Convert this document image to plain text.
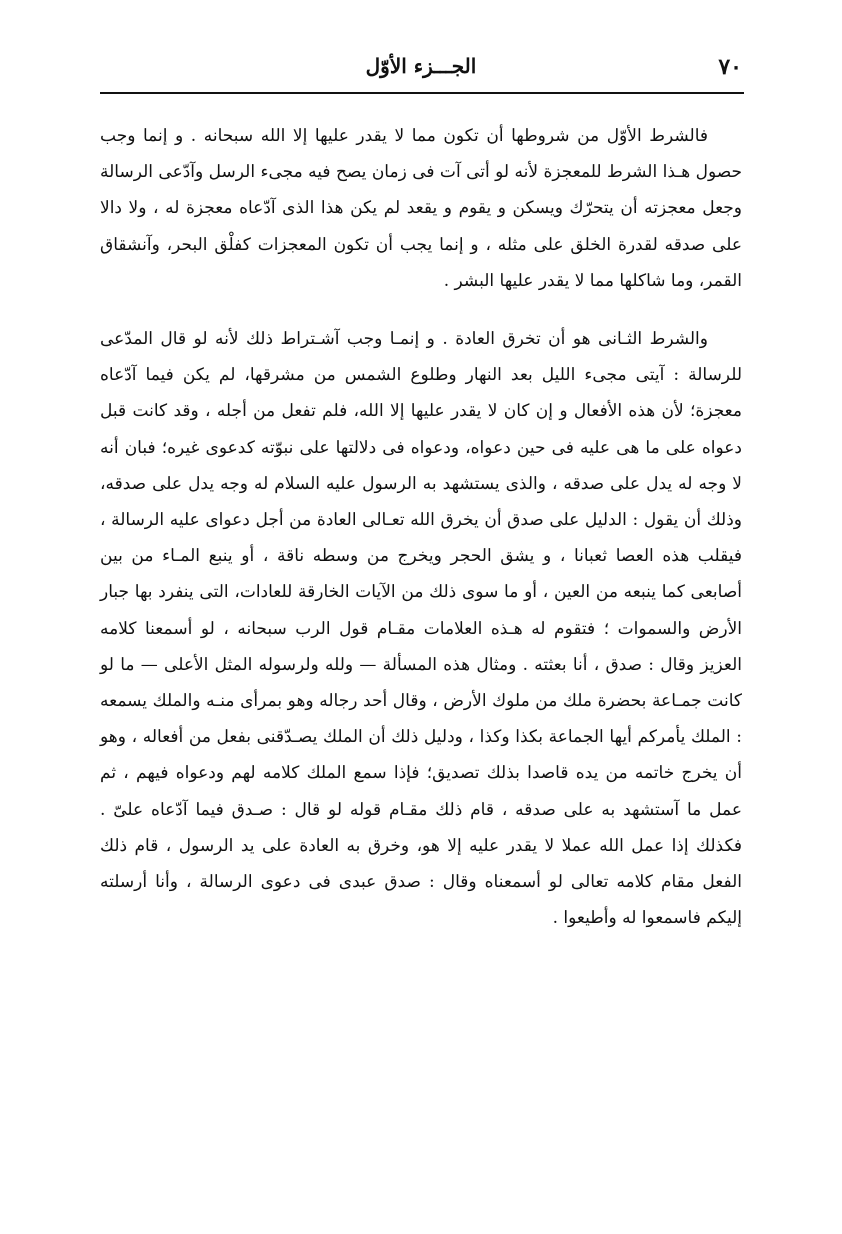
٧٠
الجـــزء الأوّل

فالشرط الأوّل من شروطها أن تكون مما لا يقدر عليها إلا الله سبحانه . و إنما وجب حصول هـذا الشرط للمعجزة لأنه لو أتى آت فى زمان يصح فيه مجىء الرسل وآدّعى الرسالة وجعل معجزته أن يتحرّك ويسكن و يقوم و يقعد لم يكن هذا الذى آدّعاه معجزة له ، ولا دالا على صدقه لقدرة الخلق على مثله ، و إنما يجب أن تكون المعجزات كفلْق البحر، وآنشقاق القمر، وما شاكلها مما لا يقدر عليها البشر .

والشرط الثـانى هو أن تخرق العادة . و إنمـا وجب آشـتراط ذلك لأنه لو قال المدّعى للرسالة : آيتى مجىء الليل بعد النهار وطلوع الشمس من مشرقها، لم يكن فيما آدّعاه معجزة؛ لأن هذه الأفعال و إن كان لا يقدر عليها إلا الله، فلم تفعل من أجله ، وقد كانت قبل دعواه على ما هى عليه فى حين دعواه، ودعواه فى دلالتها على نبوّته كدعوى غيره؛ فبان أنه لا وجه له يدل على صدقه ، والذى يستشهد به الرسول عليه السلام له وجه يدل على صدقه، وذلك أن يقول : الدليل على صدق أن يخرق الله تعـالى العادة من أجل دعواى عليه الرسالة ، فيقلب هذه العصا ثعبانا ، و يشق الحجر ويخرج من وسطه ناقة ، أو ينبع المـاء من بين أصابعى كما ينبعه من العين ، أو ما سوى ذلك من الآيات الخارقة للعادات، التى ينفرد بها جبار الأرض والسموات ؛ فتقوم له هـذه العلامات مقـام قول الرب سبحانه ، لو أسمعنا كلامه العزيز وقال : صدق ، أنا بعثته . ومثال هذه المسألة — ولله ولرسوله المثل الأعلى — ما لو كانت جمـاعة بحضرة ملك من ملوك الأرض ، وقال أحد رجاله وهو بمرأى منـه والملك يسمعه : الملك يأمركم أيها الجماعة بكذا وكذا ، ودليل ذلك أن الملك يصـدّقنى بفعل من أفعاله ، وهو أن يخرج خاتمه من يده قاصدا بذلك تصديق؛ فإذا سمع الملك كلامه لهم ودعواه فيهم ، ثم عمل ما آستشهد به على صدقه ، قام ذلك مقـام قوله لو قال : صـدق فيما آدّعاه علىّ . فكذلك إذا عمل الله عملا لا يقدر عليه إلا هو، وخرق به العادة على يد الرسول ، قام ذلك الفعل مقام كلامه تعالى لو أسمعناه وقال : صدق عبدى فى دعوى الرسالة ، وأنا أرسلته إليكم فاسمعوا له وأطيعوا .
